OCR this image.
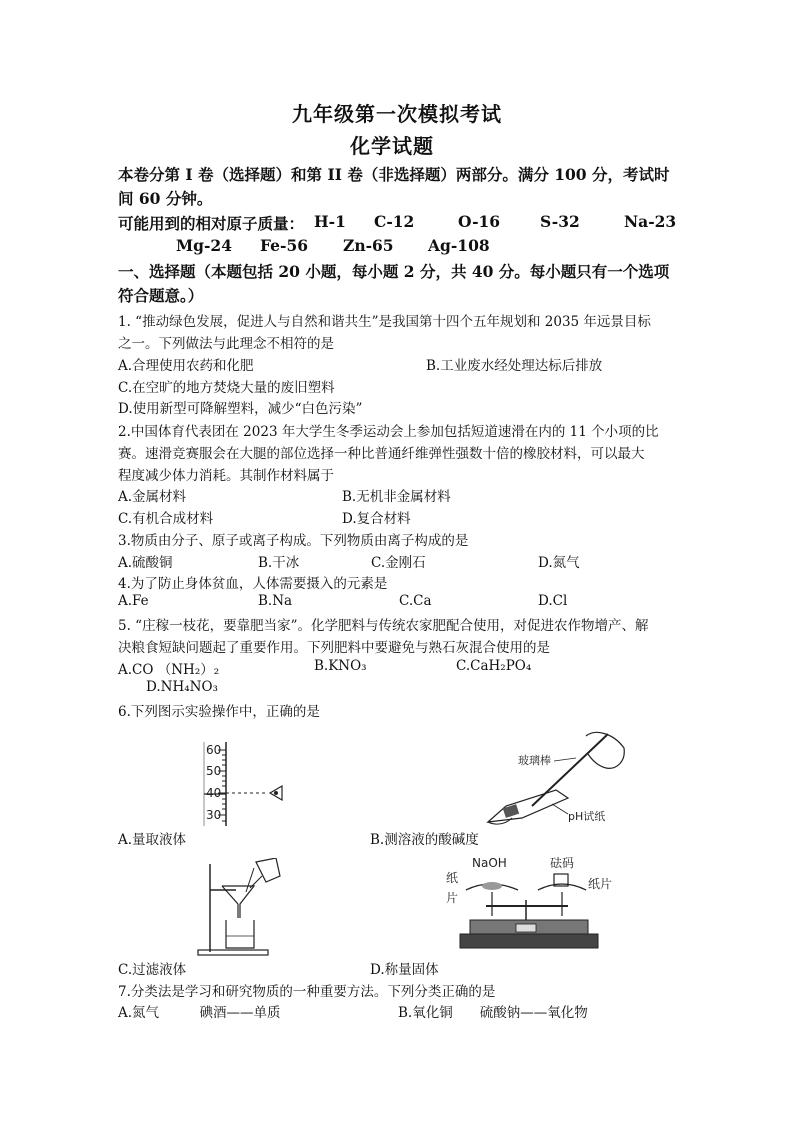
九年级第一次模拟考试
化学试题
本卷分第 I 卷（选择题）和第 II 卷（非选择题）两部分。满分 100 分，考试时
间 60 分钟。
可能用到的相对原子质量： H-1 C-12	O-16	S-32	Na-23
Mg-24 Fe-56 Zn-65 Ag-108
一、选择题（本题包括 20 小题，每小题 2 分，共 40 分。每小题只有一个选项
符合题意。）
1. “推动绿色发展，促进人与自然和谐共生”是我国第十四个五年规划和 2035 年远景目标
之一。下列做法与此理念不相符的是
A.合理使用农药和化肥	B.工业废水经处理达标后排放
C.在空旷的地方焚烧大量的废旧塑料
D.使用新型可降解塑料，减少“白色污染”
2.中国体育代表团在 2023 年大学生冬季运动会上参加包括短道速滑在内的 11 个小项的比
赛。速滑竞赛服会在大腿的部位选择一种比普通纤维弹性强数十倍的橡胶材料，可以最大
程度减少体力消耗。其制作材料属于
A.金属材料	B.无机非金属材料
C.有机合成材料	D.复合材料
3.物质由分子、原子或离子构成。下列物质由离子构成的是
A.硫酸铜	B.干冰	C.金刚石	D.氮气
4.为了防止身体贫血，人体需要摄入的元素是
A.Fe	B.Na	C.Ca	D.Cl
5. “庄稼一枝花，要靠肥当家”。化学肥料与传统农家肥配合使用，对促进农作物增产、解
决粮食短缺问题起了重要作用。下列肥料中要避免与熟石灰混合使用的是
A.CO （NH₂）₂	B.KNO₃	C.CaH₂PO₄
D.NH₄NO₃
6.下列图示实验操作中，正确的是
60
50
40
30
A.量取液体
玻璃棒
pH试纸
B.测溶液的酸碱度
C.过滤液体
NaOH	砝码
纸
片
纸片
D.称量固体
7.分类法是学习和研究物质的一种重要方法。下列分类正确的是
A.氮气　　　碘酒——单质	B.氧化铜　　硫酸钠——氧化物
